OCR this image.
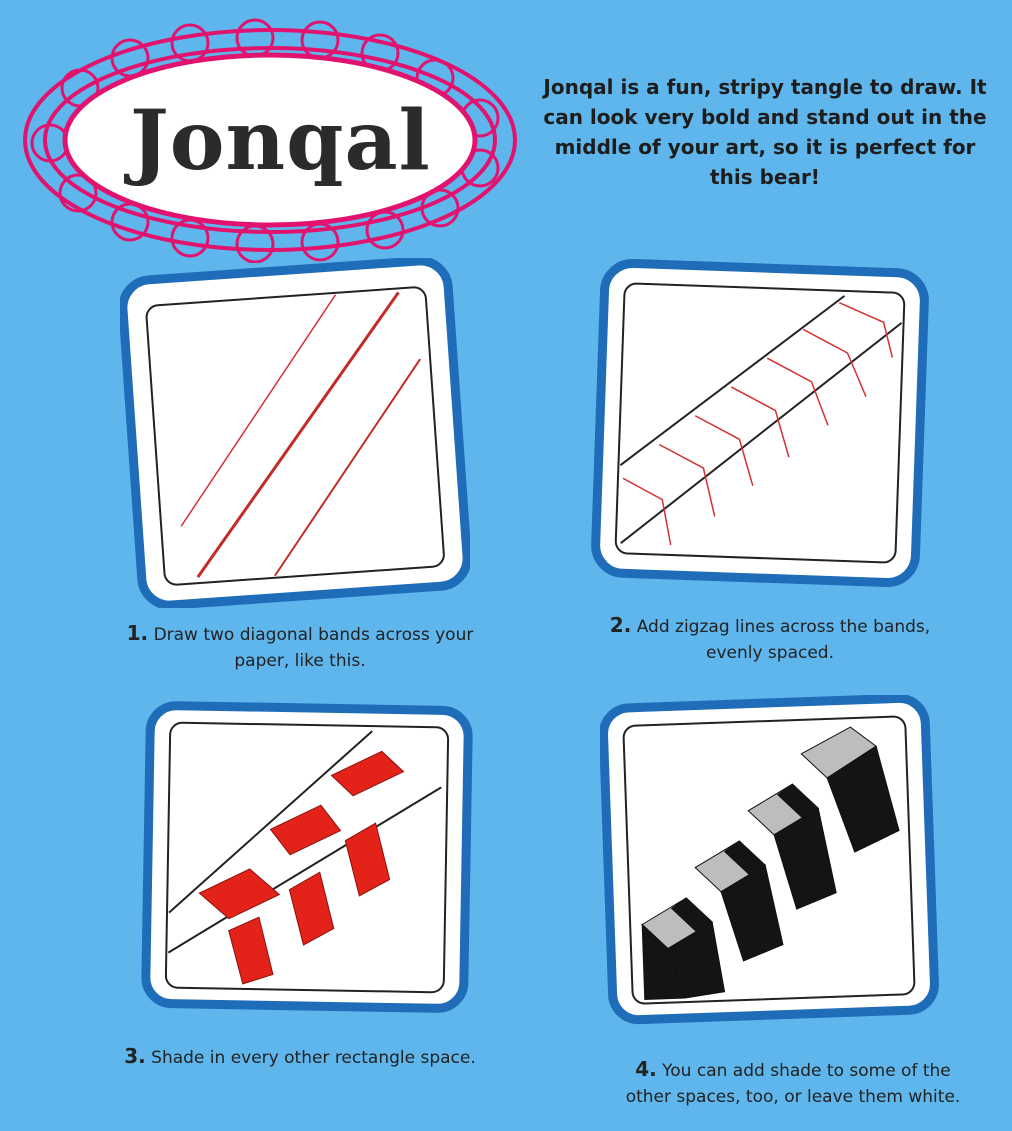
Jonqal
Jonqal is a fun, stripy tangle to draw. It can look very bold and stand out in the middle of your art, so it is perfect for this bear!
1. Draw two diagonal bands across your paper, like this.
2. Add zigzag lines across the bands, evenly spaced.
3. Shade in every other rectangle space.	4. You can add shade to some of the other spaces, too, or leave them white.
